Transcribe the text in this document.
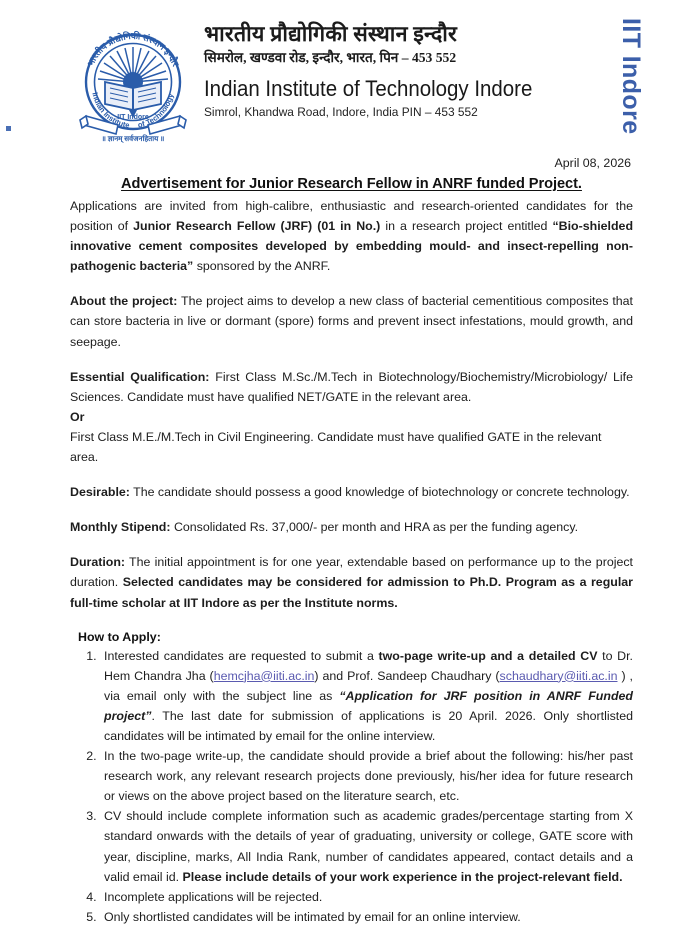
भारतीय प्रौद्योगिकी संस्थान इन्दौर
Indian Institute of Technology
IIT Indore
॥ ज्ञानम् सर्वजनहिताय ॥
भारतीय प्रौद्योगिकी संस्थान इन्दौर
सिमरोल, खण्डवा रोड, इन्दौर, भारत, पिन – 453 552
Indian Institute of Technology Indore
Simrol, Khandwa Road, Indore, India PIN – 453 552	IIT Indore
April 08, 2026
Advertisement for Junior Research Fellow in ANRF funded Project.

Applications are invited from high-calibre, enthusiastic and research-oriented candidates for the position of Junior Research Fellow (JRF) (01 in No.) in a research project entitled “Bio-shielded innovative cement composites developed by embedding mould- and insect-repelling non-pathogenic bacteria” sponsored by the ANRF.

About the project: The project aims to develop a new class of bacterial cementitious composites that can store bacteria in live or dormant (spore) forms and prevent insect infestations, mould growth, and seepage.

Essential Qualification: First Class M.Sc./M.Tech in Biotechnology/Biochemistry/Microbiology/ Life Sciences. Candidate must have qualified NET/GATE in the relevant area.

Or

First Class M.E./M.Tech in Civil Engineering. Candidate must have qualified GATE in the relevant area.

Desirable: The candidate should possess a good knowledge of biotechnology or concrete technology.

Monthly Stipend: Consolidated Rs. 37,000/- per month and HRA as per the funding agency.

Duration: The initial appointment is for one year, extendable based on performance up to the project duration. Selected candidates may be considered for admission to Ph.D. Program as a regular full-time scholar at IIT Indore as per the Institute norms.

How to Apply:
1. Interested candidates are requested to submit a two-page write-up and a detailed CV to Dr. Hem Chandra Jha (hemcjha@iiti.ac.in) and Prof. Sandeep Chaudhary (schaudhary@iiti.ac.in ) , via email only with the subject line as “Application for JRF position in ANRF Funded project”. The last date for submission of applications is 20 April. 2026. Only shortlisted candidates will be intimated by email for the online interview.
2. In the two-page write-up, the candidate should provide a brief about the following: his/her past research work, any relevant research projects done previously, his/her idea for future research or views on the above project based on the literature search, etc.
3. CV should include complete information such as academic grades/percentage starting from X standard onwards with the details of year of graduating, university or college, GATE score with year, discipline, marks, All India Rank, number of candidates appeared, contact details and a valid email id. Please include details of your work experience in the project-relevant field.
4. Incomplete applications will be rejected.
5. Only shortlisted candidates will be intimated by email for an online interview.
